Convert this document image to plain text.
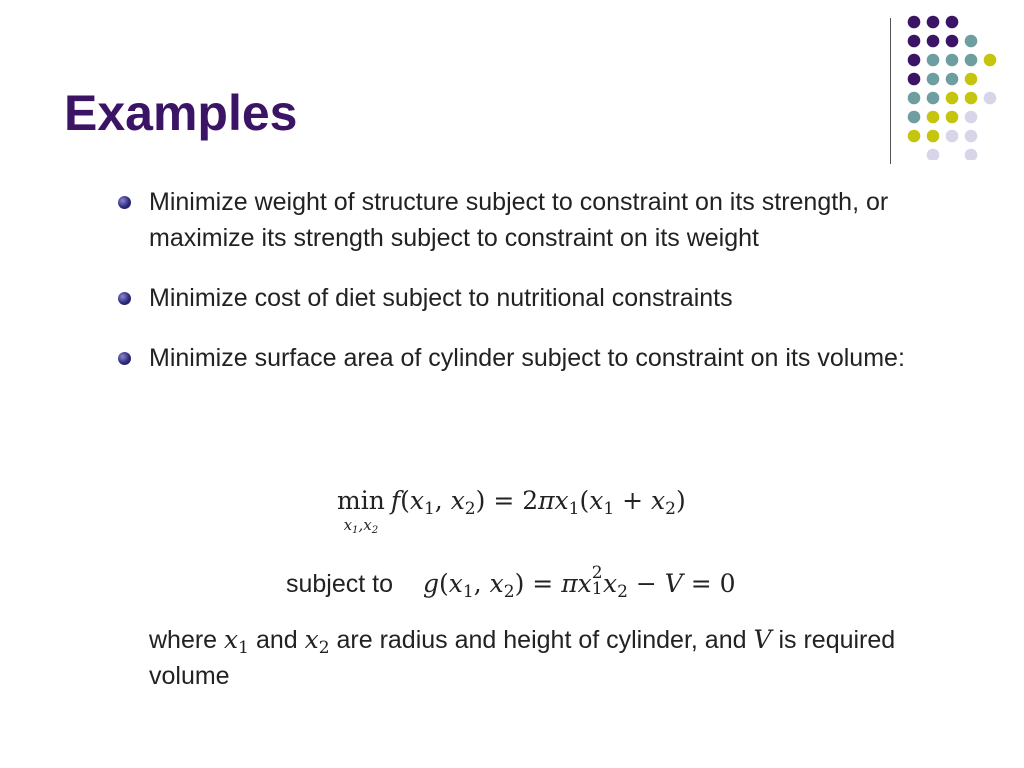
Examples
Minimize weight of structure subject to constraint on its strength, or maximize its strength subject to constraint on its weight
Minimize cost of diet subject to nutritional constraints
Minimize surface area of cylinder subject to constraint on its volume:
min
$x_1,x_2$
$f(x_1$, $x_2) = 2\pi x_1(x_1 + x_2)$
subject to $g(x_1$, $x_2) = \pi x$ 2
1 $x_2 - V = 0$
where $x_1$ and $x_2$ are radius and height of cylinder, and V is required volume
